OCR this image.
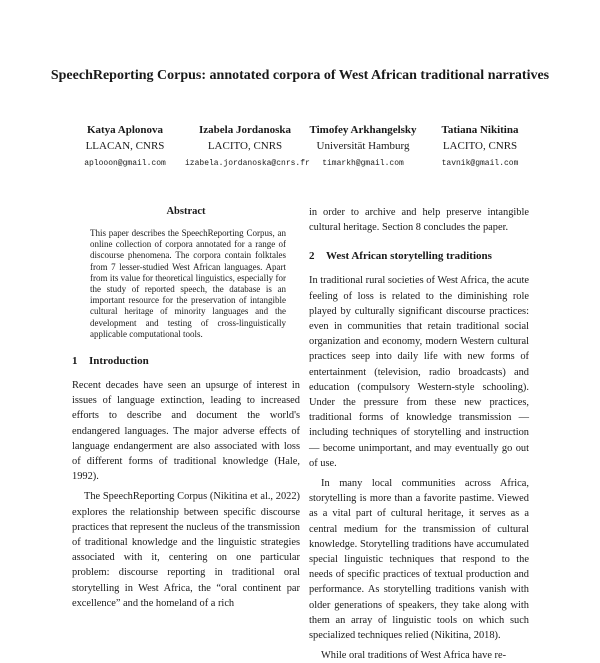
SpeechReporting Corpus: annotated corpora of West African traditional narratives
Katya Aplonova
LLACAN, CNRS
aplooon@gmail.com
Izabela Jordanoska
LACITO, CNRS
izabela.jordanoska@cnrs.fr
Timofey Arkhangelsky
Universität Hamburg
timarkh@gmail.com
Tatiana Nikitina
LACITO, CNRS
tavnik@gmail.com
Abstract
This paper describes the SpeechReporting Corpus, an online collection of corpora annotated for a range of discourse phenomena. The corpora contain folktales from 7 lesser-studied West African languages. Apart from its value for theoretical linguistics, especially for the study of reported speech, the database is an important resource for the preservation of intangible cultural heritage of minority languages and the development and testing of cross-linguistically applicable computational tools.
1 Introduction

Recent decades have seen an upsurge of interest in issues of language extinction, leading to increased efforts to describe and document the world's endangered languages. The major adverse effects of language endangerment are also associated with loss of different forms of traditional knowledge (Hale, 1992).

The SpeechReporting Corpus (Nikitina et al., 2022) explores the relationship between specific discourse practices that represent the nucleus of the transmission of traditional knowledge and the linguistic strategies associated with it, centering on one particular problem: discourse reporting in traditional oral storytelling in West Africa, the “oral continent par excellence” and the homeland of a rich

in order to archive and help preserve intangible cultural heritage. Section 8 concludes the paper.

2 West African storytelling traditions

In traditional rural societies of West Africa, the acute feeling of loss is related to the diminishing role played by culturally significant discourse practices: even in communities that retain traditional social organization and economy, modern Western cultural practices seep into daily life with new forms of entertainment (television, radio broadcasts) and education (compulsory Western-style schooling). Under the pressure from these new practices, traditional forms of knowledge transmission — including techniques of storytelling and instruction — become unimportant, and may eventually go out of use.

In many local communities across Africa, storytelling is more than a favorite pastime. Viewed as a vital part of cultural heritage, it serves as a central medium for the transmission of cultural knowledge. Storytelling traditions have accumulated special linguistic techniques that respond to the needs of specific practices of textual production and performance. As storytelling traditions vanish with older generations of speakers, they take along with them an array of linguistic tools on which such specialized techniques relied (Nikitina, 2018).

While oral traditions of West Africa have re-
